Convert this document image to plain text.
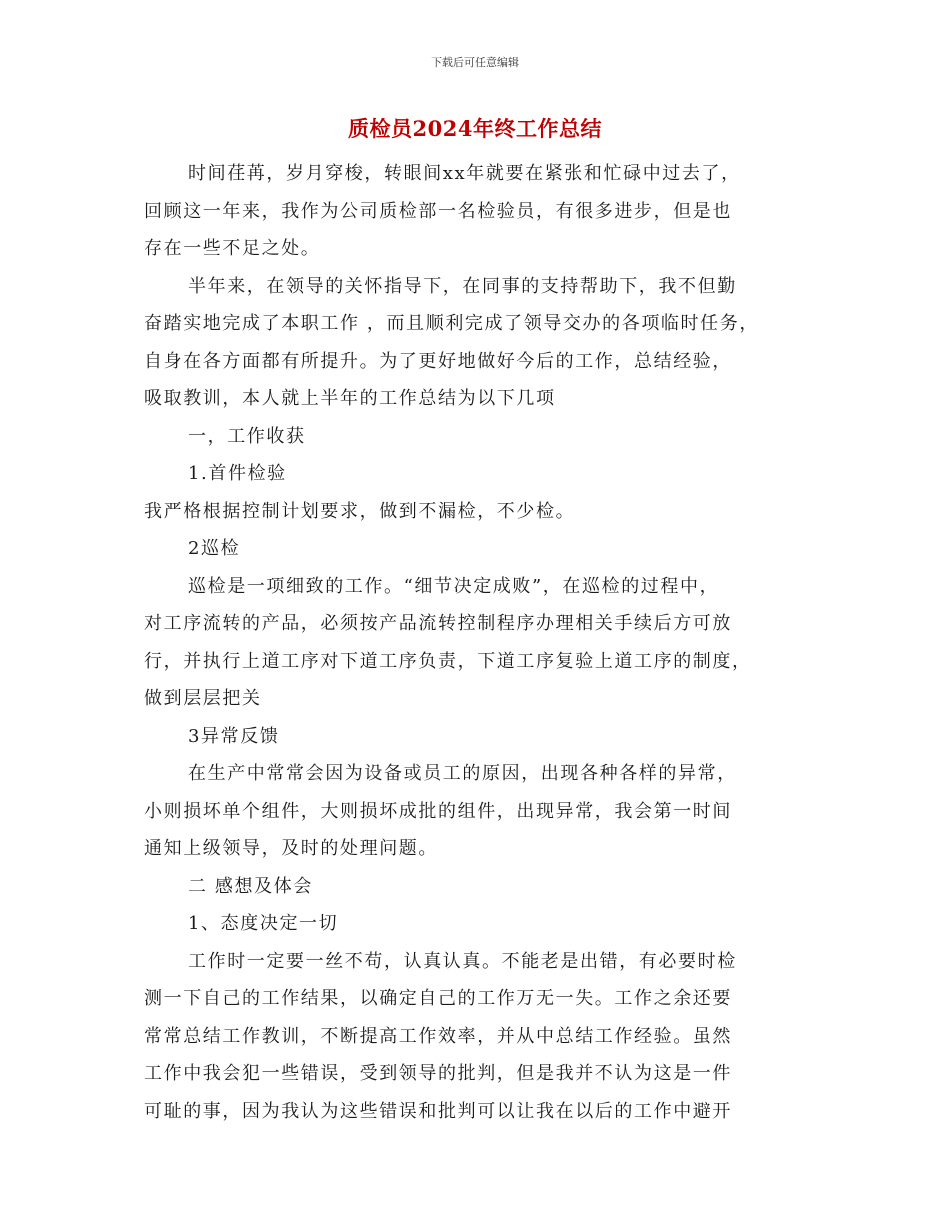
下载后可任意编辑
质检员2024年终工作总结
时间荏苒，岁月穿梭，转眼间xx年就要在紧张和忙碌中过去了，
回顾这一年来，我作为公司质检部一名检验员，有很多进步，但是也
存在一些不足之处。
半年来，在领导的关怀指导下，在同事的支持帮助下，我不但勤
奋踏实地完成了本职工作 ，而且顺利完成了领导交办的各项临时任务，
自身在各方面都有所提升。为了更好地做好今后的工作，总结经验，
吸取教训，本人就上半年的工作总结为以下几项
一，工作收获
1.首件检验
我严格根据控制计划要求，做到不漏检，不少检。
2巡检
巡检是一项细致的工作。“细节决定成败”，在巡检的过程中，
对工序流转的产品，必须按产品流转控制程序办理相关手续后方可放
行，并执行上道工序对下道工序负责，下道工序复验上道工序的制度，
做到层层把关
3异常反馈
在生产中常常会因为设备或员工的原因，出现各种各样的异常，
小则损坏单个组件，大则损坏成批的组件，出现异常，我会第一时间
通知上级领导，及时的处理问题。
二 感想及体会
1、态度决定一切
工作时一定要一丝不苟，认真认真。不能老是出错，有必要时检
测一下自己的工作结果，以确定自己的工作万无一失。工作之余还要
常常总结工作教训，不断提高工作效率，并从中总结工作经验。虽然
工作中我会犯一些错误，受到领导的批判，但是我并不认为这是一件
可耻的事，因为我认为这些错误和批判可以让我在以后的工作中避开
